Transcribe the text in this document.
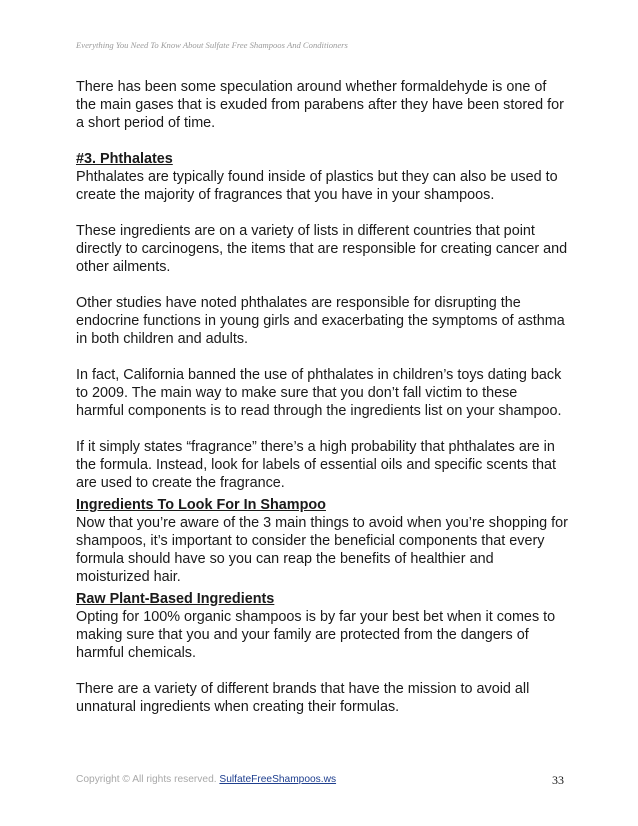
Everything You Need To Know About Sulfate Free Shampoos And Conditioners

There has been some speculation around whether formaldehyde is one of the main gases that is exuded from parabens after they have been stored for a short period of time.

#3. Phthalates

Phthalates are typically found inside of plastics but they can also be used to create the majority of fragrances that you have in your shampoos.

These ingredients are on a variety of lists in different countries that point directly to carcinogens, the items that are responsible for creating cancer and other ailments.

Other studies have noted phthalates are responsible for disrupting the endocrine functions in young girls and exacerbating the symptoms of asthma in both children and adults.

In fact, California banned the use of phthalates in children’s toys dating back to 2009. The main way to make sure that you don’t fall victim to these harmful components is to read through the ingredients list on your shampoo.

If it simply states “fragrance” there’s a high probability that phthalates are in the formula. Instead, look for labels of essential oils and specific scents that are used to create the fragrance.

Ingredients To Look For In Shampoo

Now that you’re aware of the 3 main things to avoid when you’re shopping for shampoos, it’s important to consider the beneficial components that every formula should have so you can reap the benefits of healthier and moisturized hair.

Raw Plant-Based Ingredients

Opting for 100% organic shampoos is by far your best bet when it comes to making sure that you and your family are protected from the dangers of harmful chemicals.

There are a variety of different brands that have the mission to avoid all unnatural ingredients when creating their formulas.

Copyright © All rights reserved. SulfateFreeShampoos.ws	33
